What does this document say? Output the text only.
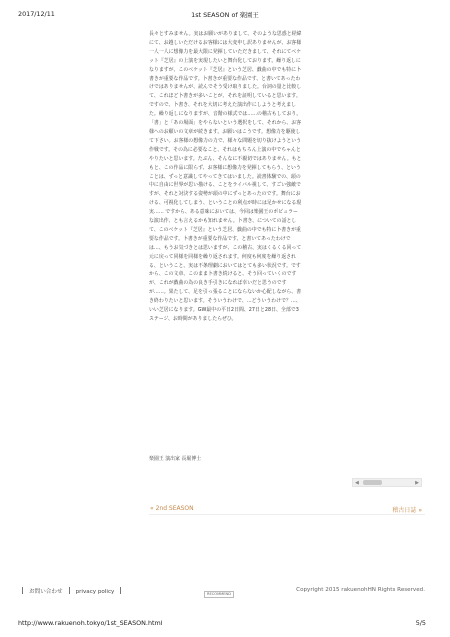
2017/12/11	1st SEASON of 楽園王

長々とすみません。実はお願いがありまして、そのような思惑と経緯にて、お越しいただけるお客様には大変申し訳ありませんが、お客様一人一人に想像力を最大限に発揮していただきまして、それにてベケット『芝居』の上演を実現したいと舞台化しております。繰り返しになりますが、このベケット『芝居』という芝居、戯曲の中でも特に卜書きが重要な作品です。卜書きが重要な作品です、と書いてあったわけではありませんが、読んでそう受け取りました。台詞の量と比較して、これほど卜書きが多いことが、それを証明していると思います。ですので、卜書き、それを大切に考えた演出作にしようと考えました。繰り返しになりますが、音階の様式では……の稽古もしており。

「書」と「あの場面」をやらないという選択をして、それから、お客様へのお願いの文章が続きます。お願いはこうです。想像力を駆使して下さい。お客様の想像力の力で、様々な問題を切り抜けようという作戦です。その為に必要なこと、それはもちろん上演の中でちゃんとやりたいと思います。たぶん、そんなに不親切ではありません。もともと、この作品に限らず、お客様に想像力を発揮してもらう、ということは、ずっと意識してやってきてはいました。読書体験での、頭の中に自由に世界が思い描ける、ことをライバル視して、すごい強敵ですが、それと対決する姿勢が頭の中にずっとあったのです。舞台における、可視化してしまう、ということの利点が時には足かせになる現実…… ですから、ある意味においては、今回は楽園王のポピュラーな演出作、とも言えるかも知れません。卜書き、についての話として、このベケット『芝居』という芝居、戯曲の中でも特に卜書きが重要な作品です。卜書きが重要な作品です、と書いてあったわけでは…、もうお気づきとは思いますが、この稽古、実はくるくる回って元に戻って同様を同様を繰り返されます。何度も何度を繰り返される、ということ、実は不条理劇においてはとても多い状況です。ですから、この文章、このまま卜書き続けると、そう回っていくのですが、これが戯曲の為の良き手引きになれば幸いだと思うのですが……。果たして、足を引っ張ることにならないか心配しながら、書き終わりたいと思います。そういうわけで、…どういうわけで？…、いい芝居になります。GW最中の平日2日間、27日と28日、全部で3ステージ、お時間がありましたらぜひ。

楽園王 演出家 長堀博士
◀	▶
« 2nd SEASON	稽古日誌 »
お問い合わせ privacy policy	RECOMMEND
Copyright 2015 rakuenohHN Rights Reserved.
http://www.rakuenoh.tokyo/1st_SEASON.html	5/5
